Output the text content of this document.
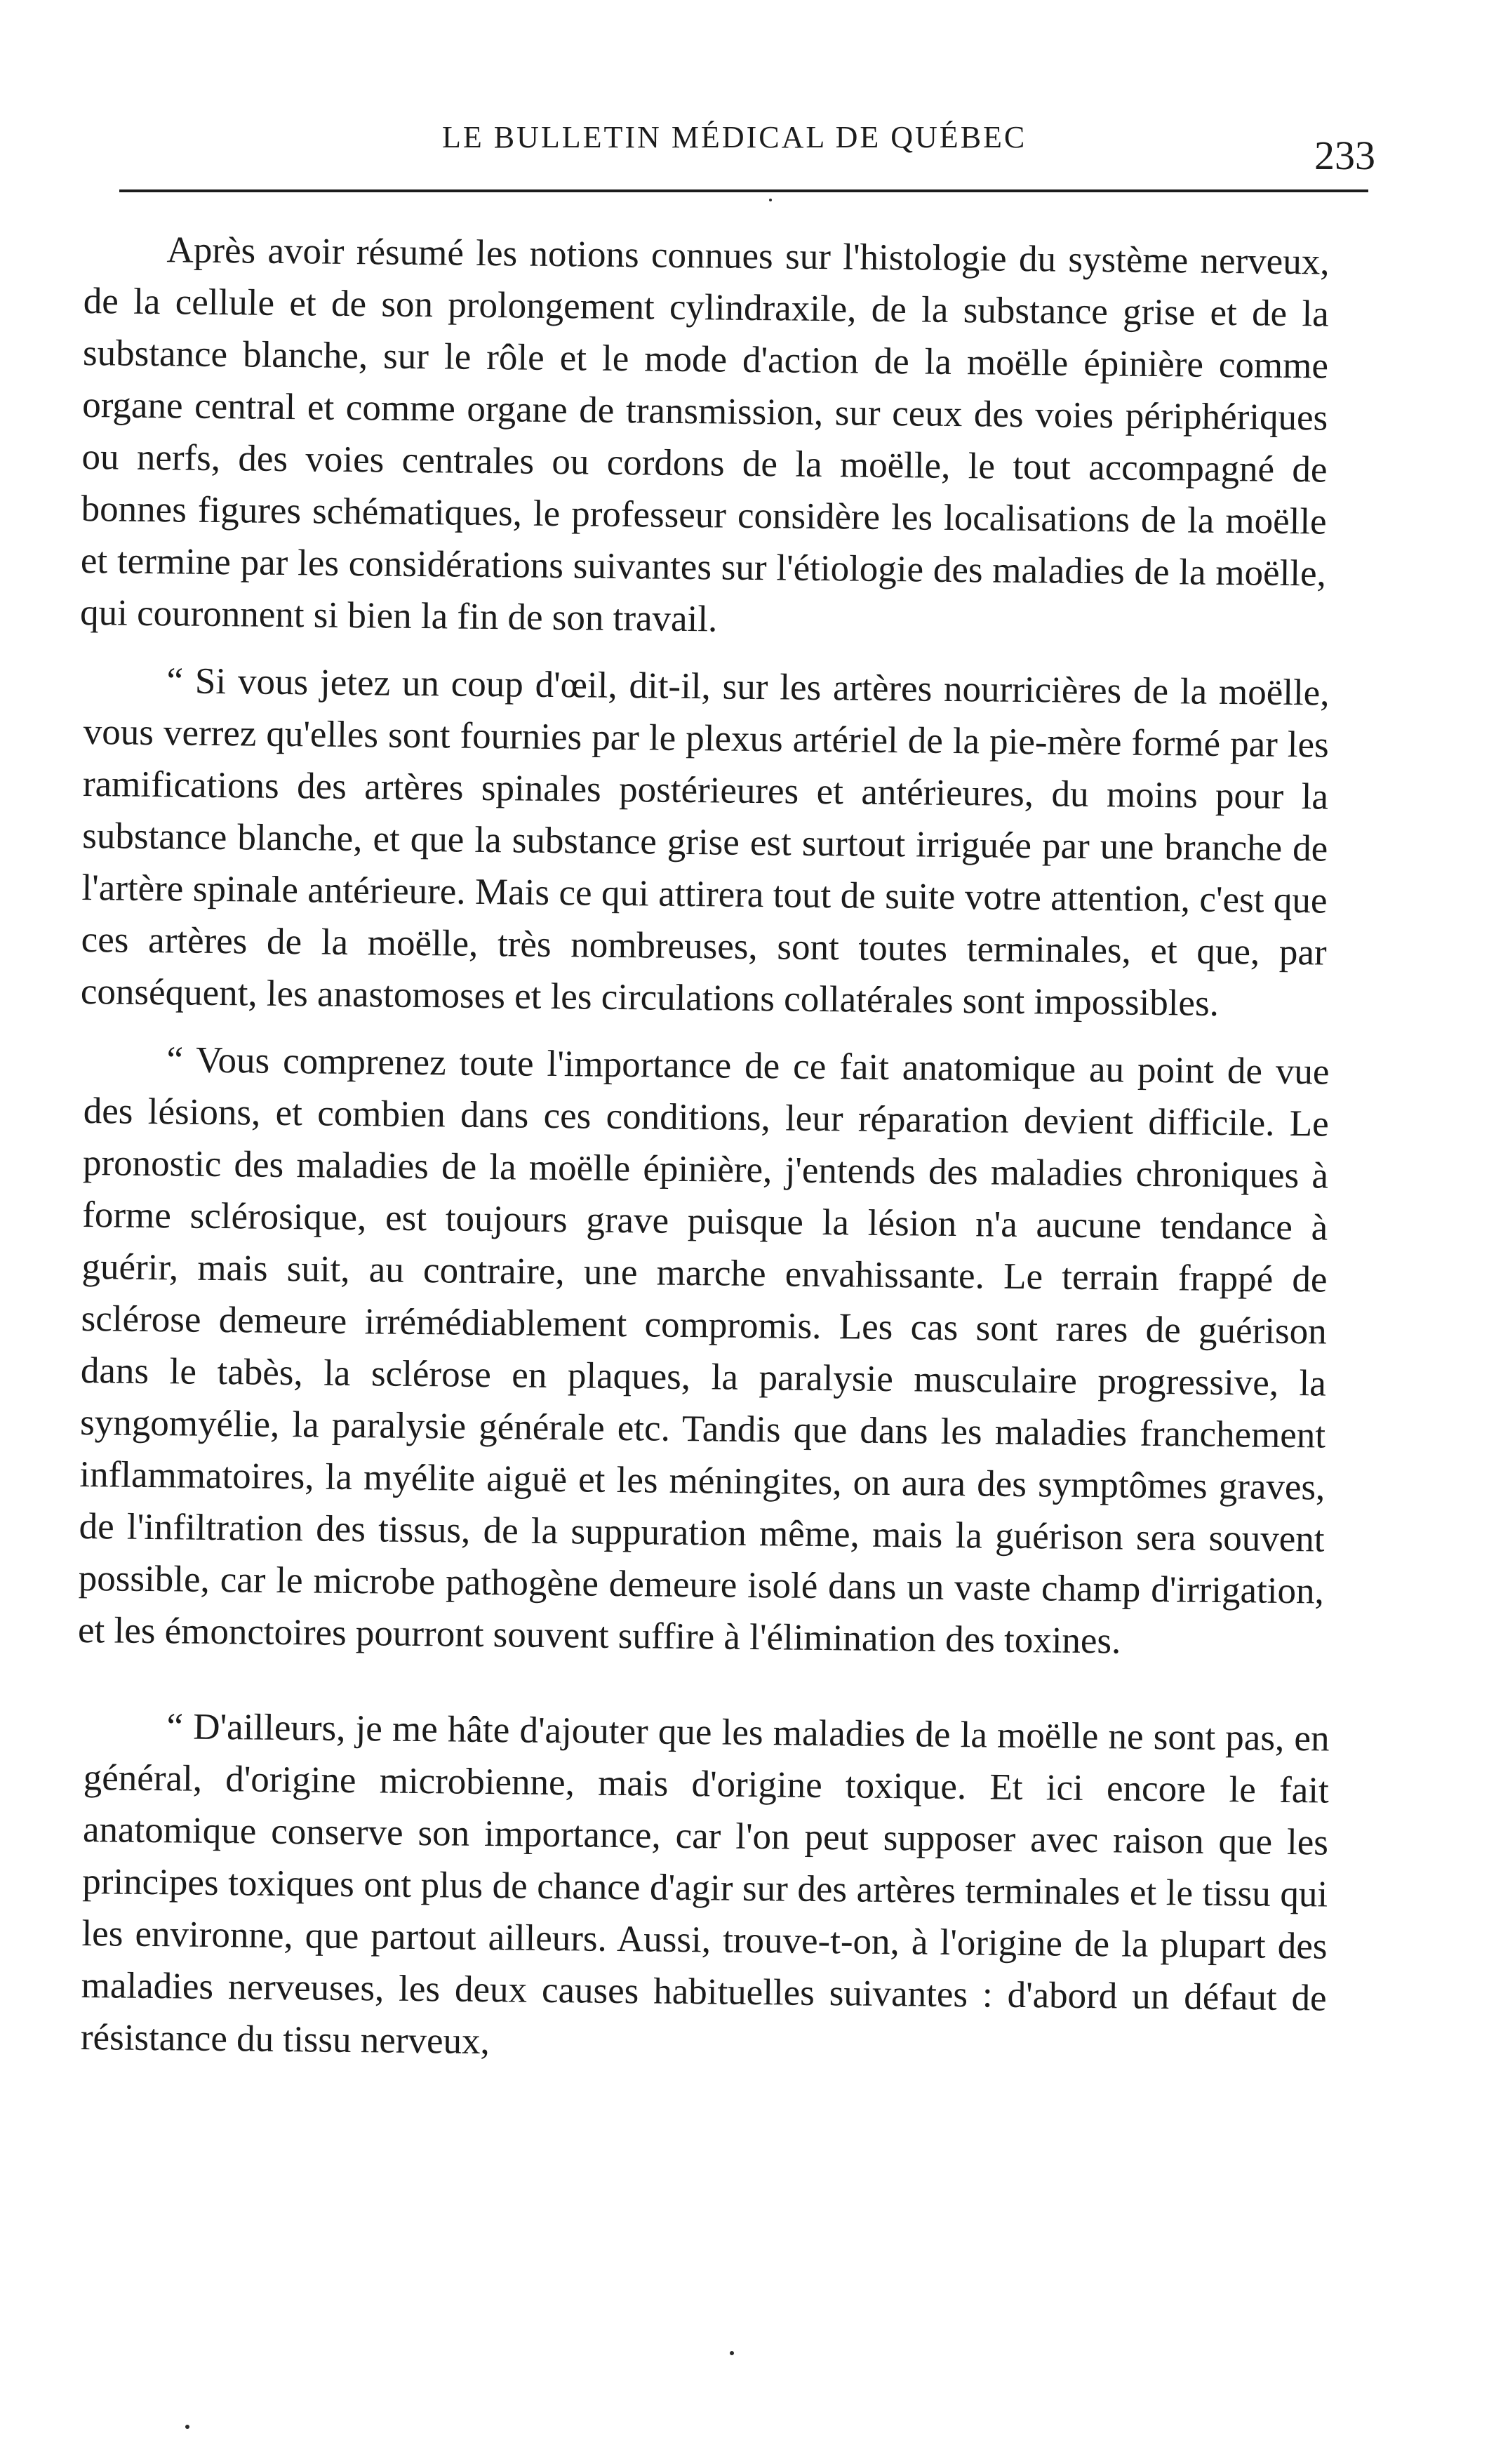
LE BULLETIN MÉDICAL DE QUÉBEC	233

Après avoir résumé les notions connues sur l'histologie du système nerveux, de la cellule et de son prolongement cylindraxile, de la substance grise et de la substance blanche, sur le rôle et le mode d'action de la moëlle épinière comme organe central et comme organe de transmission, sur ceux des voies périphériques ou nerfs, des voies centrales ou cordons de la moëlle, le tout accompagné de bonnes figures schématiques, le professeur considère les localisations de la moëlle et termine par les considérations suivantes sur l'étiologie des maladies de la moëlle, qui couronnent si bien la fin de son travail.

“ Si vous jetez un coup d'œil, dit-il, sur les artères nourricières de la moëlle, vous verrez qu'elles sont fournies par le plexus artériel de la pie-mère formé par les ramifications des artères spinales postérieures et antérieures, du moins pour la substance blanche, et que la substance grise est surtout irriguée par une branche de l'artère spinale antérieure. Mais ce qui attirera tout de suite votre attention, c'est que ces artères de la moëlle, très nombreuses, sont toutes terminales, et que, par conséquent, les anastomoses et les circulations collatérales sont impossibles.

“ Vous comprenez toute l'importance de ce fait anatomique au point de vue des lésions, et combien dans ces conditions, leur réparation devient difficile. Le pronostic des maladies de la moëlle épinière, j'entends des maladies chroniques à forme sclérosique, est toujours grave puisque la lésion n'a aucune tendance à guérir, mais suit, au contraire, une marche envahissante. Le terrain frappé de sclérose demeure irrémédiablement compromis. Les cas sont rares de guérison dans le tabès, la sclérose en plaques, la paralysie musculaire progressive, la syngomyélie, la paralysie générale etc. Tandis que dans les maladies franchement inflammatoires, la myélite aiguë et les méningites, on aura des symptômes graves, de l'infiltration des tissus, de la suppuration même, mais la guérison sera souvent possible, car le microbe pathogène demeure isolé dans un vaste champ d'irrigation, et les émonctoires pourront souvent suffire à l'élimination des toxines.

“ D'ailleurs, je me hâte d'ajouter que les maladies de la moëlle ne sont pas, en général, d'origine microbienne, mais d'origine toxique. Et ici encore le fait anatomique conserve son importance, car l'on peut supposer avec raison que les principes toxiques ont plus de chance d'agir sur des artères terminales et le tissu qui les environne, que partout ailleurs. Aussi, trouve-t-on, à l'origine de la plupart des maladies nerveuses, les deux causes habituelles suivantes : d'abord un défaut de résistance du tissu nerveux,
